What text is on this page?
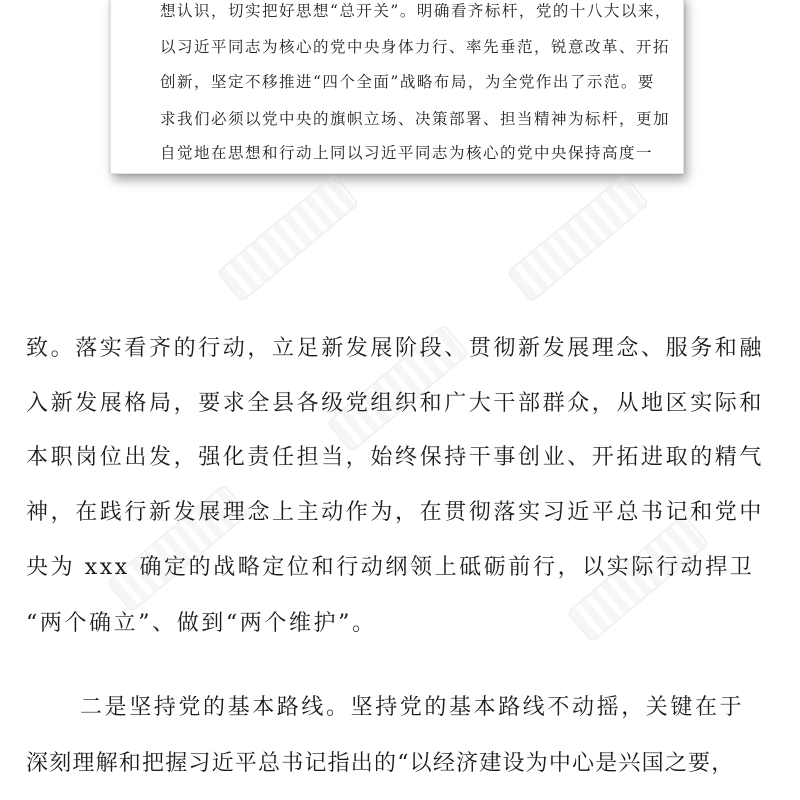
想认识，切实把好思想“总开关”。明确看齐标杆，党的十八大以来，
以习近平同志为核心的党中央身体力行、率先垂范，锐意改革、开拓
创新，坚定不移推进“四个全面”战略布局，为全党作出了示范。要
求我们必须以党中央的旗帜立场、决策部署、担当精神为标杆，更加
自觉地在思想和行动上同以习近平同志为核心的党中央保持高度一
致。落实看齐的行动，立足新发展阶段、贯彻新发展理念、服务和融
入新发展格局，要求全县各级党组织和广大干部群众，从地区实际和
本职岗位出发，强化责任担当，始终保持干事创业、开拓进取的精气
神，在践行新发展理念上主动作为，在贯彻落实习近平总书记和党中
央为 xxx 确定的战略定位和行动纲领上砥砺前行，以实际行动捍卫
“两个确立”、做到“两个维护”。
二是坚持党的基本路线。坚持党的基本路线不动摇，关键在于
深刻理解和把握习近平总书记指出的“以经济建设为中心是兴国之要，
